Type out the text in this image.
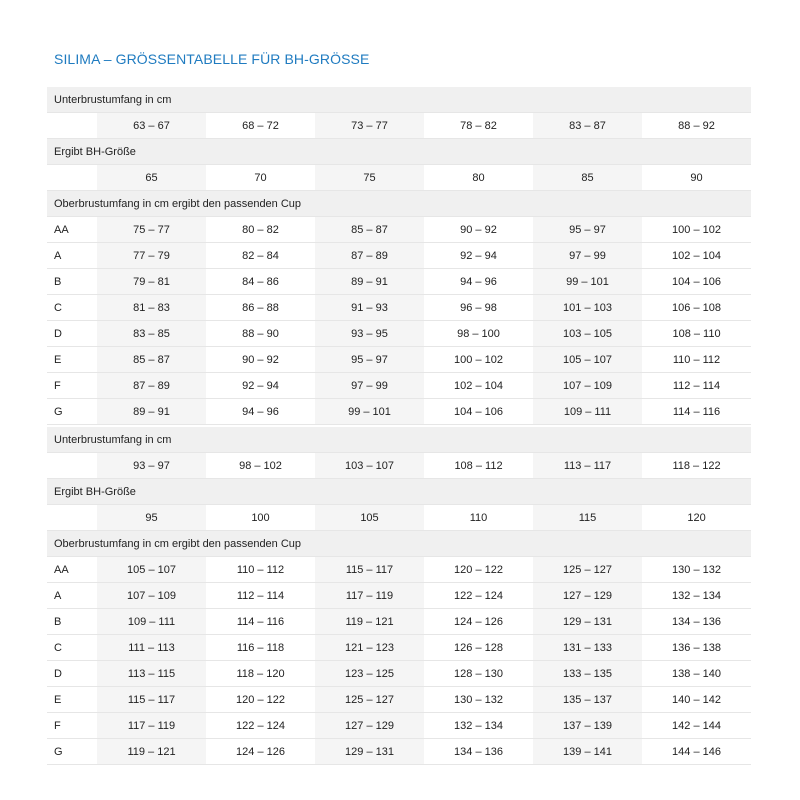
SILIMA – GRÖSSENTABELLE FÜR BH-GRÖSSE
Unterbrustumfang in cm						
	63 – 67	68 – 72	73 – 77	78 – 82	83 – 87	88 – 92
Ergibt BH-Größe						
	65	70	75	80	85	90
Oberbrustumfang in cm ergibt den passenden Cup						
AA	75 – 77	80 – 82	85 – 87	90 – 92	95 – 97	100 – 102
A	77 – 79	82 – 84	87 – 89	92 – 94	97 – 99	102 – 104
B	79 – 81	84 – 86	89 – 91	94 – 96	99 – 101	104 – 106
C	81 – 83	86 – 88	91 – 93	96 – 98	101 – 103	106 – 108
D	83 – 85	88 – 90	93 – 95	98 – 100	103 – 105	108 – 110
E	85 – 87	90 – 92	95 – 97	100 – 102	105 – 107	110 – 112
F	87 – 89	92 – 94	97 – 99	102 – 104	107 – 109	112 – 114
G	89 – 91	94 – 96	99 – 101	104 – 106	109 – 111	114 – 116
Unterbrustumfang in cm						
	93 – 97	98 – 102	103 – 107	108 – 112	113 – 117	118 – 122
Ergibt BH-Größe						
	95	100	105	110	115	120
Oberbrustumfang in cm ergibt den passenden Cup						
AA	105 – 107	110 – 112	115 – 117	120 – 122	125 – 127	130 – 132
A	107 – 109	112 – 114	117 – 119	122 – 124	127 – 129	132 – 134
B	109 – 111	114 – 116	119 – 121	124 – 126	129 – 131	134 – 136
C	111 – 113	116 – 118	121 – 123	126 – 128	131 – 133	136 – 138
D	113 – 115	118 – 120	123 – 125	128 – 130	133 – 135	138 – 140
E	115 – 117	120 – 122	125 – 127	130 – 132	135 – 137	140 – 142
F	117 – 119	122 – 124	127 – 129	132 – 134	137 – 139	142 – 144
G	119 – 121	124 – 126	129 – 131	134 – 136	139 – 141	144 – 146
